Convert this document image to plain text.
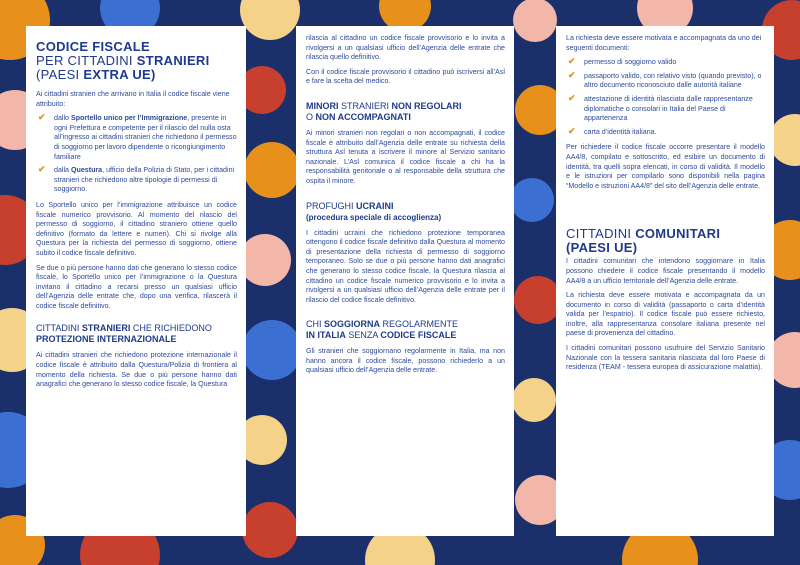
CODICE FISCALE
PER CITTADINI STRANIERI
(PAESI EXTRA UE)

Ai cittadini stranieri che arrivano in Italia il codice fiscale viene attribuito:

✔ dallo Sportello unico per l’Immigrazione, presente in ogni Prefettura e competente per il rilascio del nulla osta all’ingresso ai cittadini stranieri che richiedono il permesso di soggiorno per lavoro dipendente o ricongiungimento familiare
✔ dalla Questura, ufficio della Polizia di Stato, per i cittadini stranieri che richiedono altre tipologie di permessi di soggiorno.

Lo Sportello unico per l’immigrazione attribuisce un codice fiscale numerico provvisorio. Al momento del rilascio del permesso di soggiorno, il cittadino straniero ottiene quello definitivo (formato da lettere e numeri). Chi si rivolge alla Questura per la richiesta del permesso di soggiorno, ottiene subito il codice fiscale definitivo.

Se due o più persone hanno dati che generano lo stesso codice fiscale, lo Sportello unico per l’immigrazione o la Questura invitano il cittadino a recarsi presso un qualsiasi ufficio dell’Agenzia delle entrate che, dopo una verifica, rilascerà il codice fiscale definitivo.

CITTADINI STRANIERI CHE RICHIEDONO
PROTEZIONE INTERNAZIONALE

Ai cittadini stranieri che richiedono protezione internazionale il codice fiscale è attribuito dalla Questura/Polizia di frontiera al momento della richiesta. Se due o più persone hanno dati anagrafici che generano lo stesso codice fiscale, la Questura

rilascia al cittadino un codice fiscale provvisorio e lo invita a rivolgersi a un qualsiasi ufficio dell’Agenzia delle entrate che rilascia quello definitivo.

Con il codice fiscale provvisorio il cittadino può iscriversi all’Asl e fare la scelta del medico.

MINORI STRANIERI NON REGOLARI
O NON ACCOMPAGNATI

Ai minori stranieri non regolari o non accompagnati, il codice fiscale è attribuito dall’Agenzia delle entrate su richiesta della struttura Asl tenuta a iscrivere il minore al Servizio sanitario nazionale. L’Asl comunica il codice fiscale a chi ha la responsabilità genitoriale o al responsabile della struttura che ospita il minore.

PROFUGHI UCRAINI
(procedura speciale di accoglienza)

I cittadini ucraini che richiedono protezione temporanea ottengono il codice fiscale definitivo dalla Questura al momento di presentazione della richiesta di permesso di soggiorno temporaneo. Solo se due o più persone hanno dati anagrafici che generano lo stesso codice fiscale, la Questura rilascia al cittadino un codice fiscale numerico provvisorio e lo invita a rivolgersi a un qualsiasi ufficio dell’Agenzia delle entrate per il rilascio del codice fiscale definitivo.

CHI SOGGIORNA REGOLARMENTE
IN ITALIA SENZA CODICE FISCALE

Gli stranieri che soggiornano regolarmente in Italia, ma non hanno ancora il codice fiscale, possono richiederlo a un qualsiasi ufficio dell’Agenzia delle entrate.

La richiesta deve essere motivata e accompagnata da uno dei seguenti documenti:

✔ permesso di soggiorno valido
✔ passaporto valido, con relativo visto (quando previsto), o altro documento riconosciuto dalle autorità italiane
✔ attestazione di identità rilasciata dalle rappresentanze diplomatiche o consolari in Italia del Paese di appartenenza
✔ carta d’identità italiana.

Per richiedere il codice fiscale occorre presentare il modello AA4/8, compilato e sottoscritto, ed esibire un documento di identità, tra quelli sopra elencati, in corso di validità. Il modello e le istruzioni per compilarlo sono disponibili nella pagina “Modello e istruzioni AA4/8” del sito dell’Agenzia delle entrate.

CITTADINI COMUNITARI
(PAESI UE)

I cittadini comunitari che intendono soggiornare in Italia possono chiedere il codice fiscale presentando il modello AA4/8 a un ufficio territoriale dell’Agenzia delle entrate.

La richiesta deve essere motivata e accompagnata da un documento in corso di validità (passaporto o carta d’identità valida per l’espatrio). Il codice fiscale può essere richiesto, inoltre, alla rappresentanza consolare italiana presente nel paese di provenienza del cittadino.

I cittadini comunitari possono usufruire del Servizio Sanitario Nazionale con la tessera sanitaria rilasciata dal loro Paese di residenza (TEAM - tessera europea di assicurazione malattia).
